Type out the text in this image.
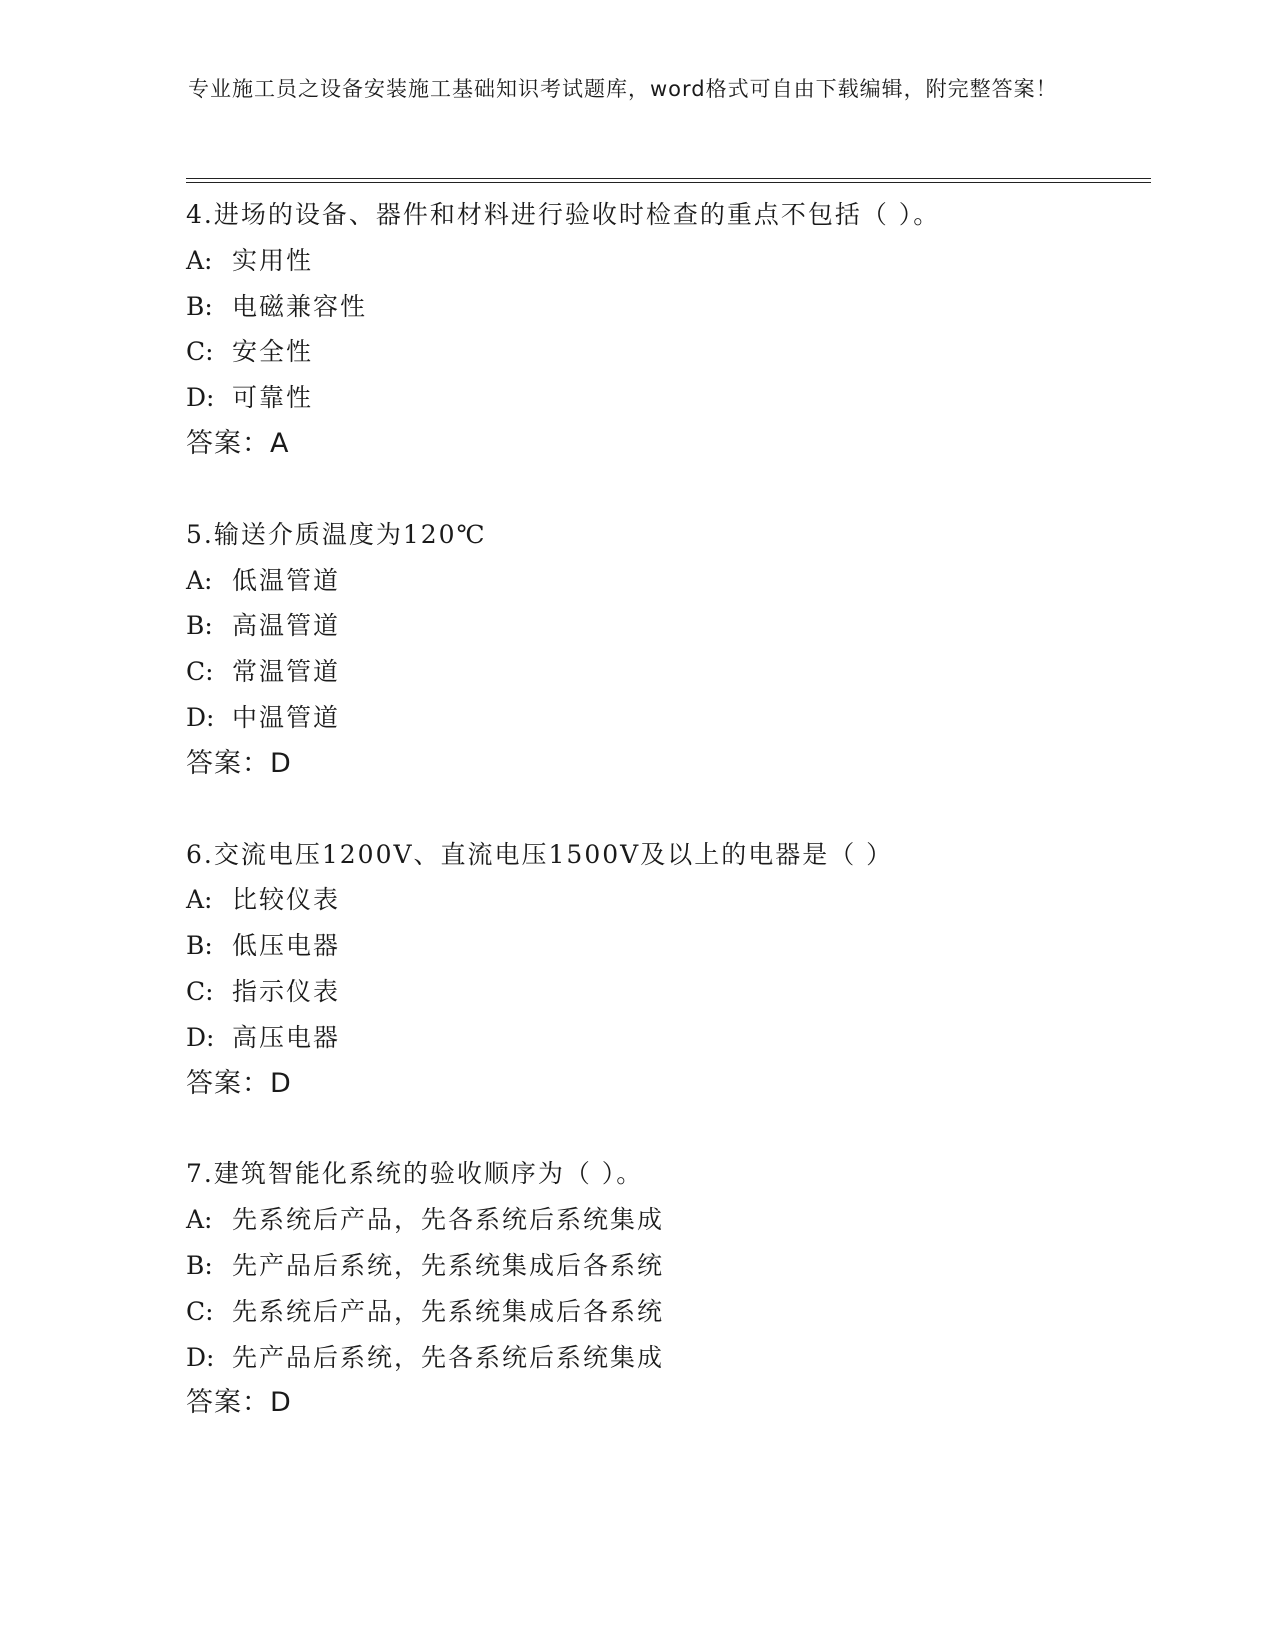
专业施工员之设备安装施工基础知识考试题库，word格式可自由下载编辑，附完整答案！
4.进场的设备、器件和材料进行验收时检查的重点不包括（ ）。
A: 实用性
B: 电磁兼容性
C: 安全性
D: 可靠性
答案：A
5.输送介质温度为120℃
A: 低温管道
B: 高温管道
C: 常温管道
D: 中温管道
答案：D
6.交流电压1200V、直流电压1500V及以上的电器是（ ）
A: 比较仪表
B: 低压电器
C: 指示仪表
D: 高压电器
答案：D
7.建筑智能化系统的验收顺序为（ ）。
A: 先系统后产品，先各系统后系统集成
B: 先产品后系统，先系统集成后各系统
C: 先系统后产品，先系统集成后各系统
D: 先产品后系统，先各系统后系统集成
答案：D
